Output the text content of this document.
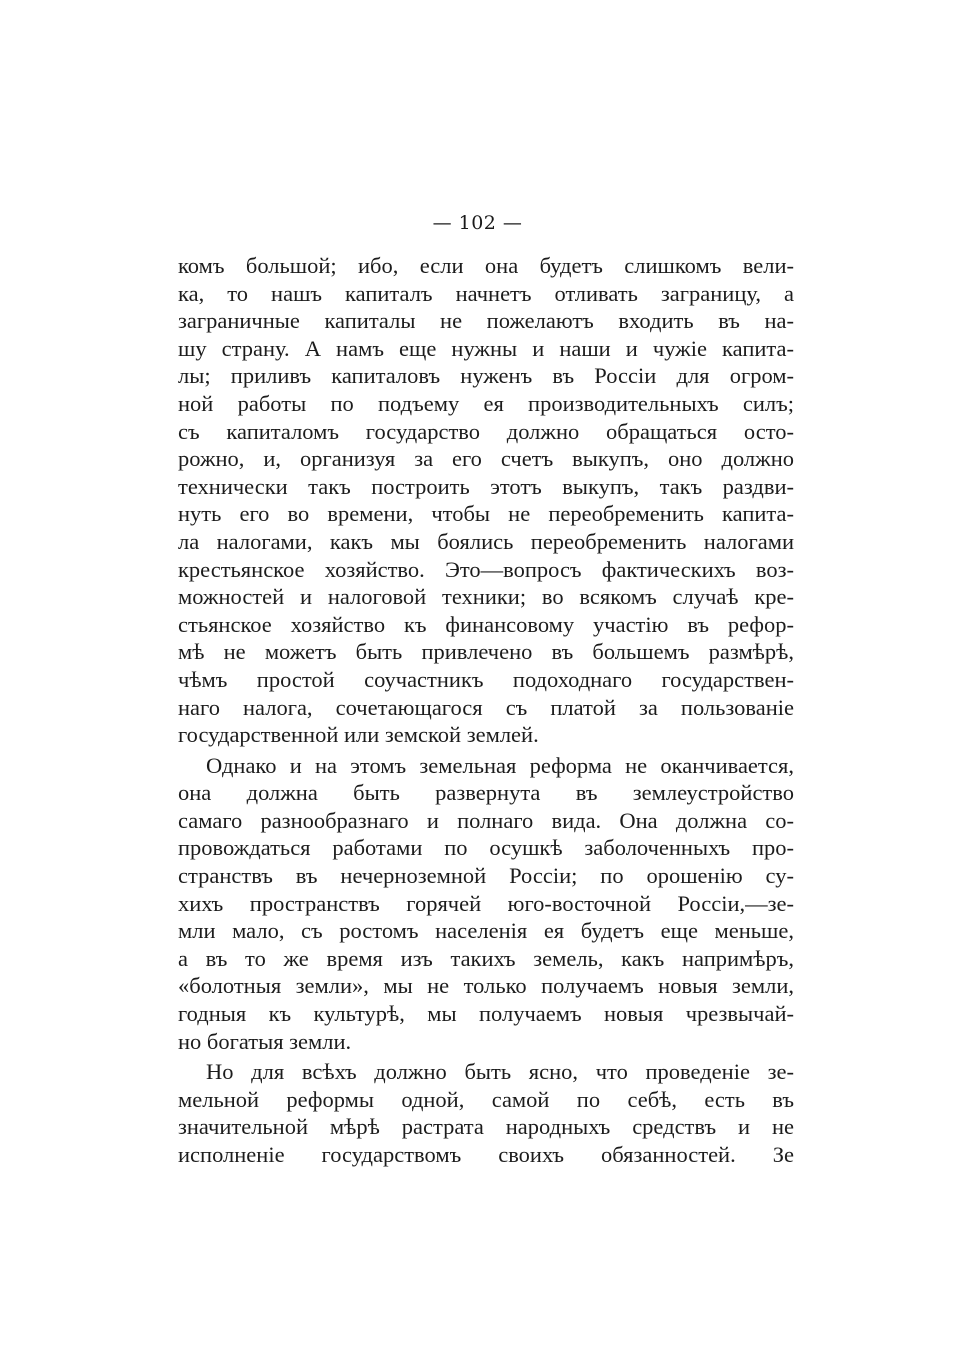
— 102 —
комъ большой; ибо, если она будетъ слишкомъ вели-
ка, то нашъ капиталъ начнетъ отливать заграницу, а
заграничные капиталы не пожелаютъ входить въ на-
шу страну. А намъ еще нужны и наши и чужіе капита-
лы; приливъ капиталовъ нуженъ въ Россіи для огром-
ной работы по подъему ея производительныхъ силъ;
съ капиталомъ государство должно обращаться осто-
рожно, и, организуя за его счетъ выкупъ, оно должно
технически такъ построить этотъ выкупъ, такъ раздви-
нуть его во времени, чтобы не переобременить капита-
ла налогами, какъ мы боялись переобременить налогами
крестьянское хозяйство. Это—вопросъ фактическихъ воз-
можностей и налоговой техники; во всякомъ случаѣ кре-
стьянское хозяйство къ финансовому участію въ рефор-
мѣ не можетъ быть привлечено въ большемъ размѣрѣ,
чѣмъ простой соучастникъ подоходнаго государствен-
наго налога, сочетающагося съ платой за пользованіе
государственной или земской землей.
Однако и на этомъ земельная реформа не оканчивается,
она должна быть развернута въ землеустройство
самаго разнообразнаго и полнаго вида. Она должна со-
провождаться работами по осушкѣ заболоченныхъ про-
странствъ въ нечерноземной Россіи; по орошенію су-
хихъ пространствъ горячей юго-восточной Россіи,—зе-
мли мало, съ ростомъ населенія ея будетъ еще меньше,
а въ то же время изъ такихъ земель, какъ напримѣръ,
«болотныя земли», мы не только получаемъ новыя земли,
годныя къ культурѣ, мы получаемъ новыя чрезвычай-
но богатыя земли.
Но для всѣхъ должно быть ясно, что проведеніе зе-
мельной реформы одной, самой по себѣ, есть въ
значительной мѣрѣ растрата народныхъ средствъ и не
исполненіе государствомъ своихъ обязанностей. Зе
